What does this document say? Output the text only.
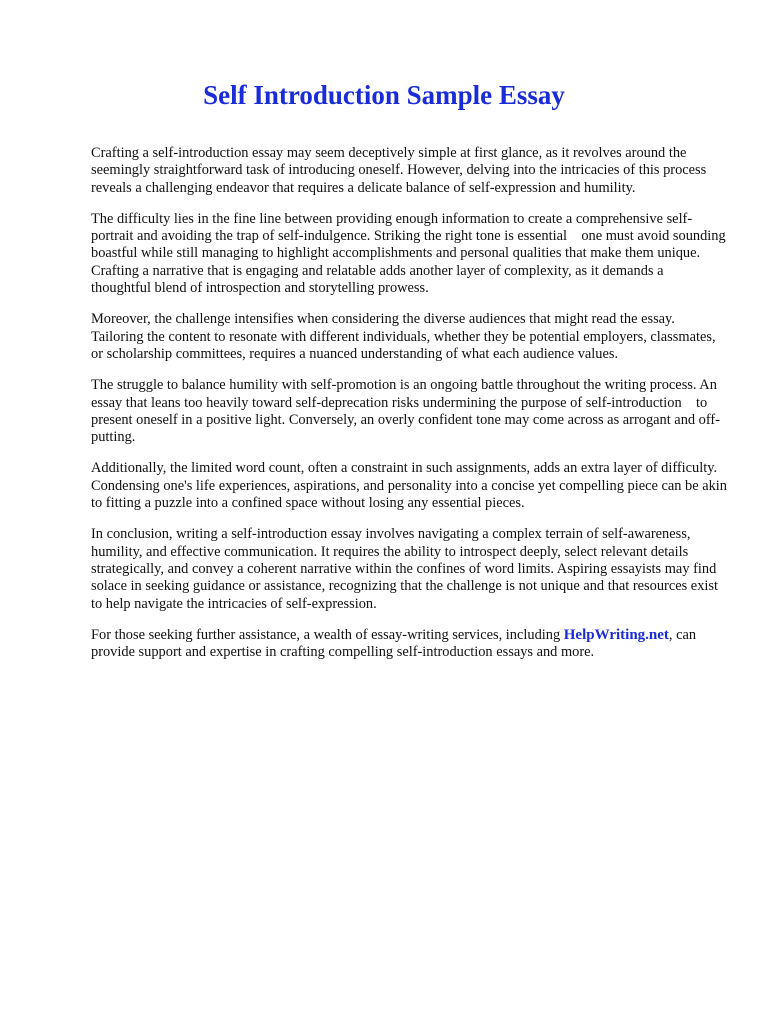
Self Introduction Sample Essay

Crafting a self-introduction essay may seem deceptively simple at first glance, as it revolves around the seemingly straightforward task of introducing oneself. However, delving into the intricacies of this process reveals a challenging endeavor that requires a delicate balance of self-expression and humility.

The difficulty lies in the fine line between providing enough information to create a comprehensive self-portrait and avoiding the trap of self-indulgence. Striking the right tone is essential    one must avoid sounding boastful while still managing to highlight accomplishments and personal qualities that make them unique. Crafting a narrative that is engaging and relatable adds another layer of complexity, as it demands a thoughtful blend of introspection and storytelling prowess.

Moreover, the challenge intensifies when considering the diverse audiences that might read the essay. Tailoring the content to resonate with different individuals, whether they be potential employers, classmates, or scholarship committees, requires a nuanced understanding of what each audience values.

The struggle to balance humility with self-promotion is an ongoing battle throughout the writing process. An essay that leans too heavily toward self-deprecation risks undermining the purpose of self-introduction    to present oneself in a positive light. Conversely, an overly confident tone may come across as arrogant and off-putting.

Additionally, the limited word count, often a constraint in such assignments, adds an extra layer of difficulty. Condensing one's life experiences, aspirations, and personality into a concise yet compelling piece can be akin to fitting a puzzle into a confined space without losing any essential pieces.

In conclusion, writing a self-introduction essay involves navigating a complex terrain of self-awareness, humility, and effective communication. It requires the ability to introspect deeply, select relevant details strategically, and convey a coherent narrative within the confines of word limits. Aspiring essayists may find solace in seeking guidance or assistance, recognizing that the challenge is not unique and that resources exist to help navigate the intricacies of self-expression.

For those seeking further assistance, a wealth of essay-writing services, including HelpWriting.net, can provide support and expertise in crafting compelling self-introduction essays and more.
